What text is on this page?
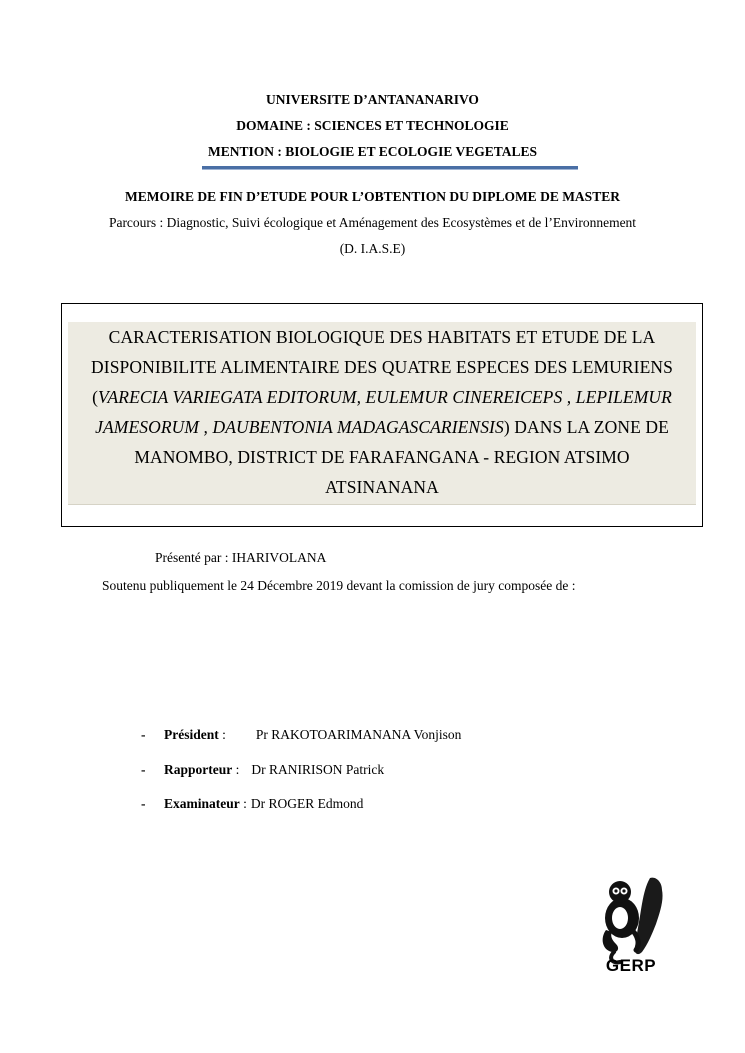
UNIVERSITE D’ANTANANARIVO
DOMAINE : SCIENCES ET TECHNOLOGIE
MENTION : BIOLOGIE ET ECOLOGIE VEGETALES
MEMOIRE DE FIN D’ETUDE POUR L’OBTENTION DU DIPLOME DE MASTER
Parcours : Diagnostic, Suivi écologique et Aménagement des Ecosystèmes et de l’Environnement
(D. I.A.S.E)
CARACTERISATION BIOLOGIQUE DES HABITATS ET ETUDE DE LA DISPONIBILITE ALIMENTAIRE DES QUATRE ESPECES DES LEMURIENS (VARECIA VARIEGATA EDITORUM, EULEMUR CINEREICEPS , LEPILEMUR JAMESORUM , DAUBENTONIA MADAGASCARIENSIS) DANS LA ZONE DE MANOMBO, DISTRICT DE FARAFANGANA - REGION ATSIMO ATSINANANA
Présenté par : IHARIVOLANA
Soutenu publiquement le 24 Décembre 2019 devant la comission de jury composée de :
- Président : Pr RAKOTOARIMANANA Vonjison
- Rapporteur : Dr RANIRISON Patrick
- Examinateur : Dr ROGER Edmond
GERP
